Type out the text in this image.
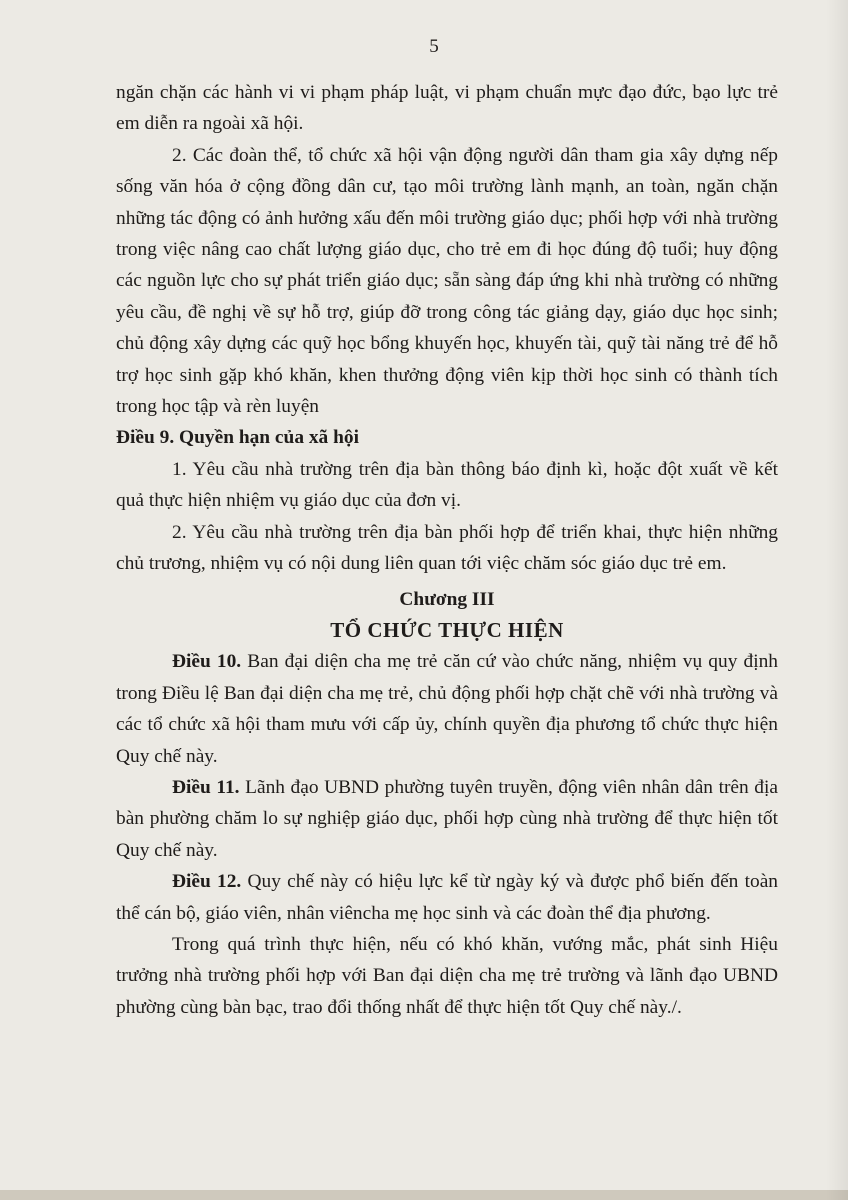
5

ngăn chặn các hành vi vi phạm pháp luật, vi phạm chuẩn mực đạo đức, bạo lực trẻ em diễn ra ngoài xã hội.

2. Các đoàn thể, tổ chức xã hội vận động người dân tham gia xây dựng nếp sống văn hóa ở cộng đồng dân cư, tạo môi trường lành mạnh, an toàn, ngăn chặn những tác động có ảnh hưởng xấu đến môi trường giáo dục; phối hợp với nhà trường trong việc nâng cao chất lượng giáo dục, cho trẻ em đi học đúng độ tuổi; huy động các nguồn lực cho sự phát triển giáo dục; sẵn sàng đáp ứng khi nhà trường có những yêu cầu, đề nghị về sự hỗ trợ, giúp đỡ trong công tác giảng dạy, giáo dục học sinh; chủ động xây dựng các quỹ học bổng khuyến học, khuyến tài, quỹ tài năng trẻ để hỗ trợ học sinh gặp khó khăn, khen thưởng động viên kịp thời học sinh có thành tích trong học tập và rèn luyện

Điều 9. Quyền hạn của xã hội

1. Yêu cầu nhà trường trên địa bàn thông báo định kì, hoặc đột xuất về kết quả thực hiện nhiệm vụ giáo dục của đơn vị.

2. Yêu cầu nhà trường trên địa bàn phối hợp để triển khai, thực hiện những chủ trương, nhiệm vụ có nội dung liên quan tới việc chăm sóc giáo dục trẻ em.

Chương III

TỔ CHỨC THỰC HIỆN

Điều 10. Ban đại diện cha mẹ trẻ căn cứ vào chức năng, nhiệm vụ quy định trong Điều lệ Ban đại diện cha mẹ trẻ, chủ động phối hợp chặt chẽ với nhà trường và các tổ chức xã hội tham mưu với cấp ủy, chính quyền địa phương tổ chức thực hiện Quy chế này.

Điều 11. Lãnh đạo UBND phường tuyên truyền, động viên nhân dân trên địa bàn phường chăm lo sự nghiệp giáo dục, phối hợp cùng nhà trường để thực hiện tốt Quy chế này.

Điều 12. Quy chế này có hiệu lực kể từ ngày ký và được phổ biến đến toàn thể cán bộ, giáo viên, nhân viêncha mẹ học sinh và các đoàn thể địa phương.

Trong quá trình thực hiện, nếu có khó khăn, vướng mắc, phát sinh Hiệu trưởng nhà trường phối hợp với Ban đại diện cha mẹ trẻ trường và lãnh đạo UBND phường cùng bàn bạc, trao đổi thống nhất để thực hiện tốt Quy chế này./.
